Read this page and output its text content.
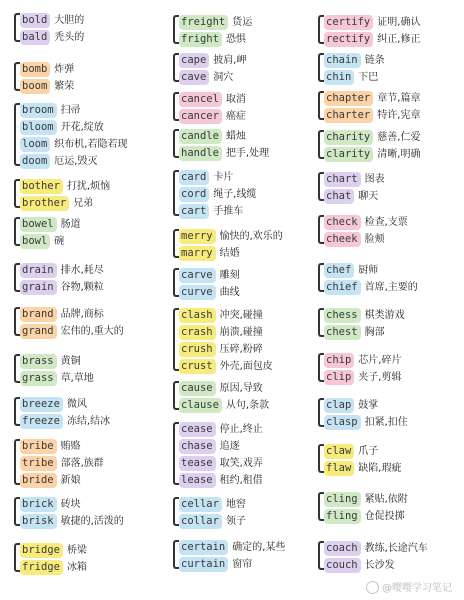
bold 大胆的
bald 秃头的
bomb 炸弹
boom 繁荣
broom 扫帚
bloom 开花,绽放
loom 织布机,若隐若现
doom 厄运,毁灭
bother 打扰,烦恼
brother 兄弟
bowel 肠道
bowl 碗
drain 排水,耗尽
grain 谷物,颗粒
brand 品牌,商标
grand 宏伟的,重大的
brass 黄铜
grass 草,草地
breeze 微风
freeze 冻结,结冰
bribe 贿赂
tribe 部落,族群
bride 新娘
brick 砖块
brisk 敏捷的,活泼的
bridge 桥梁
fridge 冰箱
freight 货运
fright 恐惧
cape 披肩,岬
cave 洞穴
cancel 取消
cancer 癌症
candle 蜡烛
handle 把手,处理
card 卡片
cord 绳子,线缆
cart 手推车
merry 愉快的,欢乐的
marry 结婚
carve 雕刻
curve 曲线
clash 冲突,碰撞
crash 崩溃,碰撞
crush 压碎,粉碎
crust 外壳,面包皮
cause 原因,导致
clause 从句,条款
cease 停止,终止
chase 追逐
tease 取笑,戏弄
lease 租约,租借
cellar 地窖
collar 领子
certain 确定的,某些
curtain 窗帘
certify 证明,确认
rectify 纠正,修正
chain 链条
chin 下巴
chapter 章节,篇章
charter 特许,宪章
charity 慈善,仁爱
clarity 清晰,明确
chart 图表
chat 聊天
check 检查,支票
cheek 脸颊
chef 厨师
chief 首席,主要的
chess 棋类游戏
chest 胸部
chip 芯片,碎片
clip 夹子,剪辑
clap 鼓掌
clasp 扣紧,扣住
claw 爪子
flaw 缺陷,瑕疵
cling 紧贴,依附
fling 仓促投掷
coach 教练,长途汽车
couch 长沙发
@嘤嘤学习笔记
